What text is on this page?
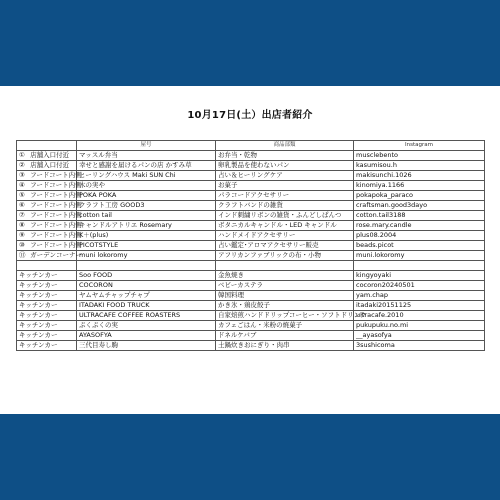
10月17日(土）出店者紹介
	屋号	商品部類	Instagram
① 店舗入口付近	マッスル弁当	お弁当・乾物	musclebento
② 店舗入口付近	幸せと感謝を届けるパンの店 かすみ草	卵乳製品を使わないパン	kasumisou.h
③ フードコート内側	ヒーリングハウス Maki SUN Chi	占い＆ヒーリングケア	makisunchi.1026
④ フードコート内側	木の実や	お菓子	kinomiya.1166
⑤ フードコート内側	POKA POKA	パラコードアクセサリー	pokapoka_paraco
⑥ フードコート内側	クラフト工房 GOOD3	クラフトバンドの雑貨	craftsman.good3dayo
⑦ フードコート内側	cotton tail	インド刺繍リボンの雑貨・ふんどしぱんつ	cotton.tail3188
⑧ フードコート内側	キャンドルアトリエ Rosemary	ボタニカルキャンドル・LED キャンドル	rose.mary.candle
⑨ フードコート内側	K＋(plus)	ハンドメイドアクセサリー	plus08.2004
⑩ フードコート内側	PICOTSTYLE	占い鑑定･アロマアクセサリー販売	beads.picot
⑪ ガーデンコーナー	muni lokoromy	アフリカンファブリックの布・小物	muni.lokoromy

キッチンカー	Soo FOOD	金魚焼き	kingyoyaki
キッチンカー	COCORON	ベビーカステラ	cocoron20240501
キッチンカー	ヤムヤムチャップチャプ	韓国料理	yam.chap
キッチンカー	ITADAKI FOOD TRUCK	かき氷・鶏皮餃子	itadaki20151125
キッチンカー	ULTRACAFE COFFEE ROASTERS	自家焙煎ハンドドリップコーヒー・ソフトドリンク	ultracafe.2010
キッチンカー	ぷくぷくの実	カフェごはん・米粉の焼菓子	pukupuku.no.mi
キッチンカー	AYASOFYA	ドネルケバブ	__ayasofya
キッチンカー	三代目寿し駒	土鍋炊きおにぎり・肉串	3sushicoma
